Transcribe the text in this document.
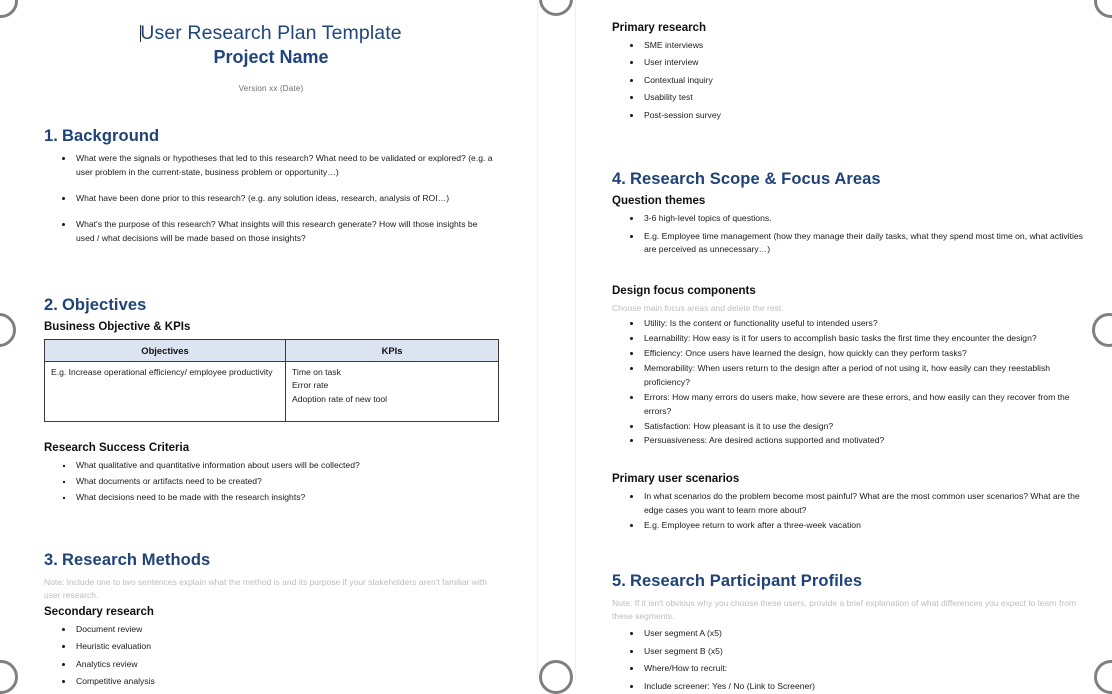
User Research Plan Template
Project Name
Version xx (Date)
1. Background
What were the signals or hypotheses that led to this research? What need to be validated or explored? (e.g. a user problem in the current-state, business problem or opportunity…)
What have been done prior to this research? (e.g. any solution ideas, research, analysis of ROI…)
What's the purpose of this research? What insights will this research generate? How will those insights be used / what decisions will be made based on those insights?
2. Objectives
Business Objective & KPIs
Objectives	KPIs

E.g. Increase operational efficiency/ employee productivity	Time on task
Error rate
Adoption rate of new tool
Research Success Criteria
What qualitative and quantitative information about users will be collected?
What documents or artifacts need to be created?
What decisions need to be made with the research insights?
3. Research Methods

Note: Include one to two sentences explain what the method is and its purpose if your stakeholders aren't familiar with user research.

Secondary research
Document review
Heuristic evaluation
Analytics review
Competitive analysis
Primary research
SME interviews
User interview
Contextual inquiry
Usability test
Post-session survey
4. Research Scope & Focus Areas
Question themes
3-6 high-level topics of questions.
E.g. Employee time management (how they manage their daily tasks, what they spend most time on, what activities are perceived as unnecessary…)
Design focus components

Choose main focus areas and delete the rest.

Utility: Is the content or functionality useful to intended users?
Learnability: How easy is it for users to accomplish basic tasks the first time they encounter the design?
Efficiency: Once users have learned the design, how quickly can they perform tasks?
Memorability: When users return to the design after a period of not using it, how easily can they reestablish proficiency?
Errors: How many errors do users make, how severe are these errors, and how easily can they recover from the errors?
Satisfaction: How pleasant is it to use the design?
Persuasiveness: Are desired actions supported and motivated?
Primary user scenarios
In what scenarios do the problem become most painful? What are the most common user scenarios? What are the edge cases you want to learn more about?
E.g. Employee return to work after a three-week vacation
5. Research Participant Profiles

Note: If it isn't obvious why you choose these users, provide a brief explanation of what differences you expect to learn from these segments.

User segment A (x5)
User segment B (x5)
Where/How to recruit:
Include screener: Yes / No (Link to Screener)
